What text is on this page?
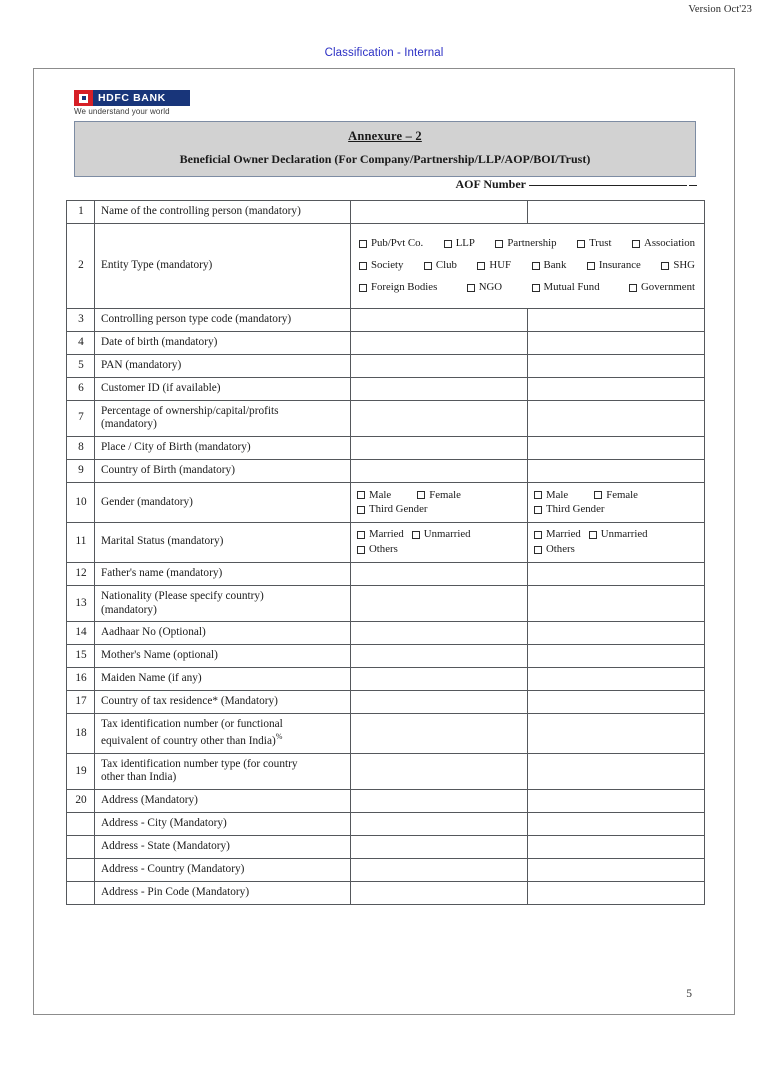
Version Oct'23
Classification - Internal
HDFC BANK
We understand your world
Annexure – 2
Beneficial Owner Declaration (For Company/Partnership/LLP/AOP/BOI/Trust)
AOF Number
1	Name of the controlling person (mandatory)		
2	Entity Type (mandatory)	
Pub/Pvt Co.	LLP	Partnership	Trust	Association
Society	Club	HUF	Bank	Insurance	SHG
Foreign Bodies	NGO	Mutual Fund	Government

3	Controlling person type code (mandatory)		
4	Date of birth (mandatory)		
5	PAN (mandatory)		
6	Customer ID (if available)		
7	Percentage of ownership/capital/profits
(mandatory)		

8	Place / City of Birth (mandatory)		
9	Country of Birth (mandatory)		
10	Gender (mandatory)	
Male	Female
Third Gender

Male	Female
Third Gender

11	Marital Status (mandatory)	
Married Unmarried
Others

Married Unmarried
Others

12	Father's name (mandatory)		
13	Nationality (Please specify country)
(mandatory)		

14	Aadhaar No (Optional)		
15	Mother's Name (optional)		
16	Maiden Name (if any)		
17	Country of tax residence* (Mandatory)		
18	Tax identification number (or functional
equivalent of country other than India)%

19	Tax identification number type (for country
other than India)		

20	Address (Mandatory)		
	Address - City (Mandatory)		
	Address - State (Mandatory)		
	Address - Country (Mandatory)		
	Address - Pin Code (Mandatory)		
5
